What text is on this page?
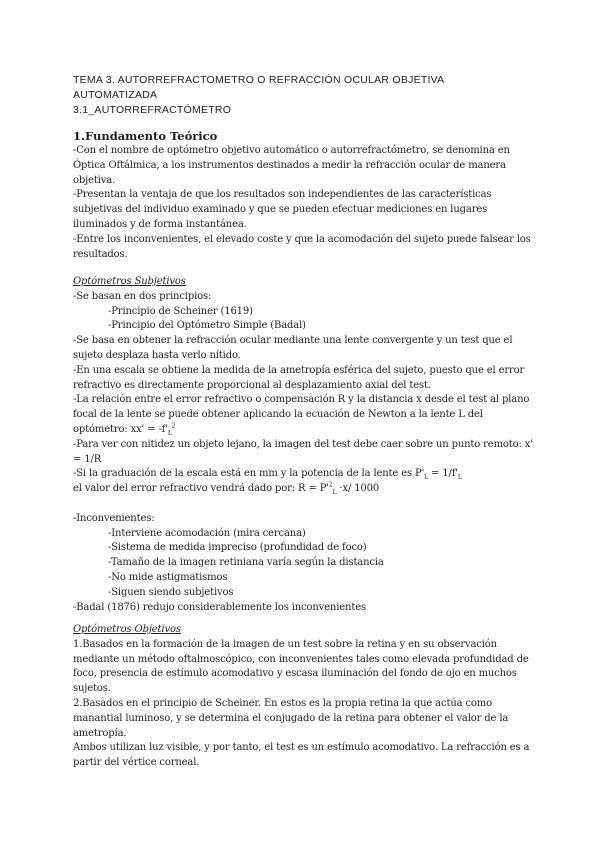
TEMA 3. AUTORREFRACTOMETRO O REFRACCIÓN OCULAR OBJETIVA
AUTOMATIZADA
3.1_AUTORREFRACTÓMETRO

1.Fundamento Teórico

-Con el nombre de optómetro objetivo automático o autorrefractómetro, se denomina en Óptica Oftálmica, a los instrumentos destinados a medir la refracción ocular de manera objetiva.

-Presentan la ventaja de que los resultados son independientes de las características subjetivas del individuo examinado y que se pueden efectuar mediciones en lugares iluminados y de forma instantánea.

-Entre los inconvenientes, el elevado coste y que la acomodación del sujeto puede falsear los resultados.

Optómetros Subjetivos

-Se basan en dos principios:

-Principio de Scheiner (1619)

-Principio del Optómetro Simple (Badal)

-Se basa en obtener la refracción ocular mediante una lente convergente y un test que el sujeto desplaza hasta verlo nítido.

-En una escala se obtiene la medida de la ametropía esférica del sujeto, puesto que el error refractivo es directamente proporcional al desplazamiento axial del test.

-La relación entre el error refractivo o compensación R y la distancia x desde el test al plano focal de la lente se puede obtener aplicando la ecuación de Newton a la lente L del optómetro: $xx' = -f'_L^2$

-Para ver con nitidez un objeto lejano, la imagen del test debe caer sobre un punto remoto: x' = 1/R

-Si la graduación de la escala está en mm y la potencia de la lente es $P'_L = 1/f'_L$

el valor del error refractivo vendrá dado por: $R = P'^2_L \cdot x/$ 1000

-Inconvenientes:

-Interviene acomodación (mira cercana)

-Sistema de medida impreciso (profundidad de foco)

-Tamaño de la imagen retiniana varía según la distancia

-No mide astigmatismos

-Siguen siendo subjetivos

-Badal (1876) redujo considerablemente los inconvenientes

Optómetros Objetivos

1.Basados en la formación de la imagen de un test sobre la retina y en su observación mediante un método oftalmoscópico, con inconvenientes tales como elevada profundidad de foco, presencia de estímulo acomodativo y escasa iluminación del fondo de ojo en muchos sujetos.

2.Basados en el principio de Scheiner. En estos es la propia retina la que actúa como manantial luminoso, y se determina el conjugado de la retina para obtener el valor de la ametropía.

Ambos utilizan luz visible, y por tanto, el test es un estímulo acomodativo. La refracción es a partir del vértice corneal.
